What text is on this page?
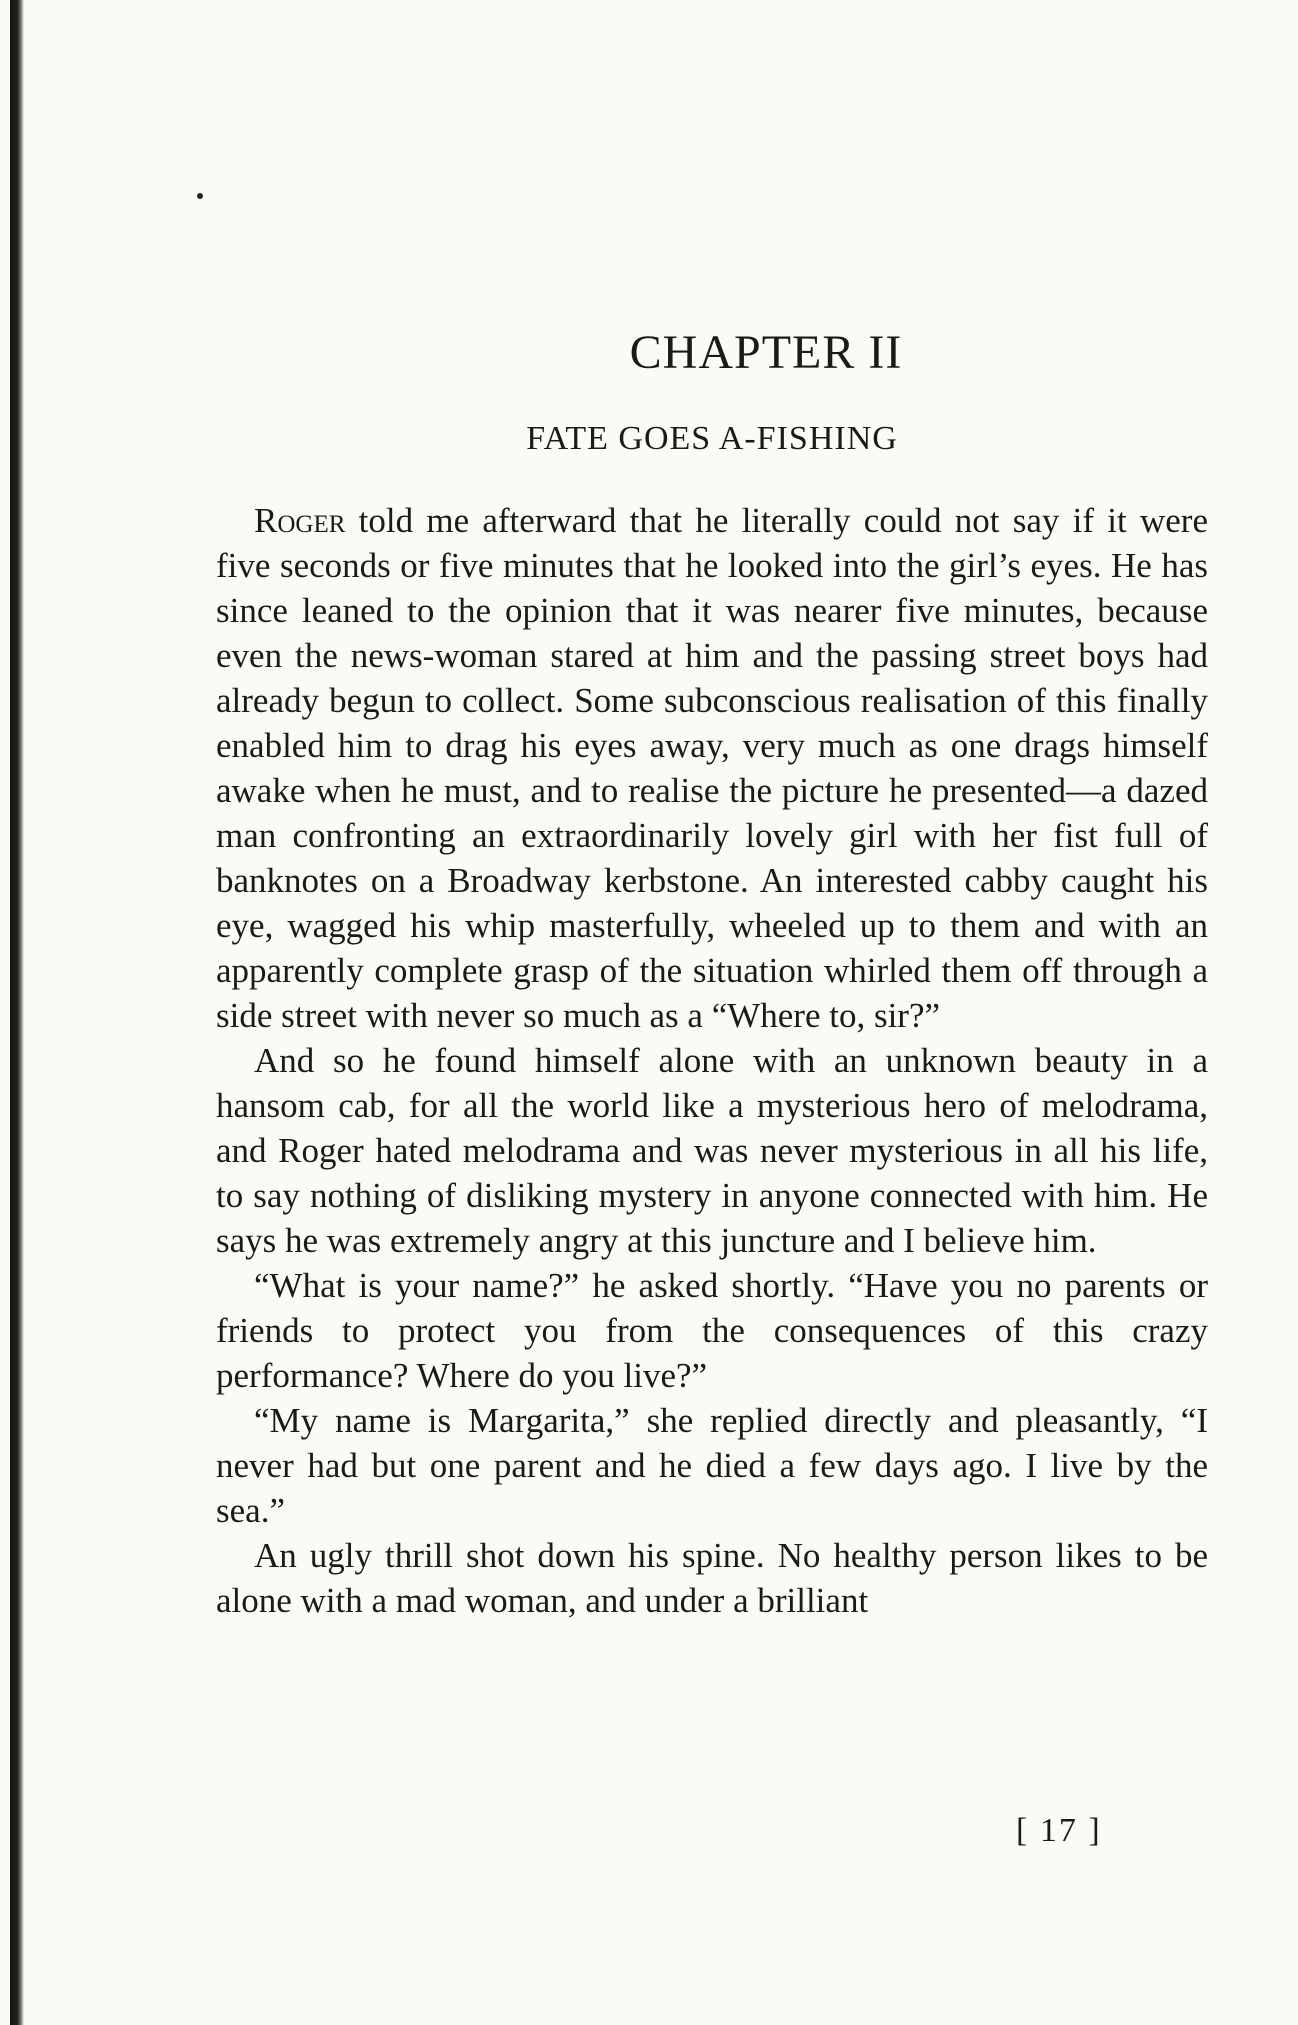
CHAPTER II
FATE GOES A-FISHING

Roger told me afterward that he literally could not say if it were five seconds or five minutes that he looked into the girl’s eyes. He has since leaned to the opinion that it was nearer five minutes, because even the news-woman stared at him and the passing street boys had already begun to collect. Some subconscious realisation of this finally enabled him to drag his eyes away, very much as one drags himself awake when he must, and to realise the picture he presented—a dazed man confronting an extraordinarily lovely girl with her fist full of banknotes on a Broadway kerbstone. An interested cabby caught his eye, wagged his whip masterfully, wheeled up to them and with an apparently complete grasp of the situation whirled them off through a side street with never so much as a “Where to, sir?”

And so he found himself alone with an unknown beauty in a hansom cab, for all the world like a mysterious hero of melodrama, and Roger hated melodrama and was never mysterious in all his life, to say nothing of disliking mystery in anyone connected with him. He says he was extremely angry at this juncture and I believe him.

“What is your name?” he asked shortly. “Have you no parents or friends to protect you from the consequences of this crazy performance? Where do you live?”

“My name is Margarita,” she replied directly and pleasantly, “I never had but one parent and he died a few days ago. I live by the sea.”

An ugly thrill shot down his spine. No healthy person likes to be alone with a mad woman, and under a brilliant

[ 17 ]
